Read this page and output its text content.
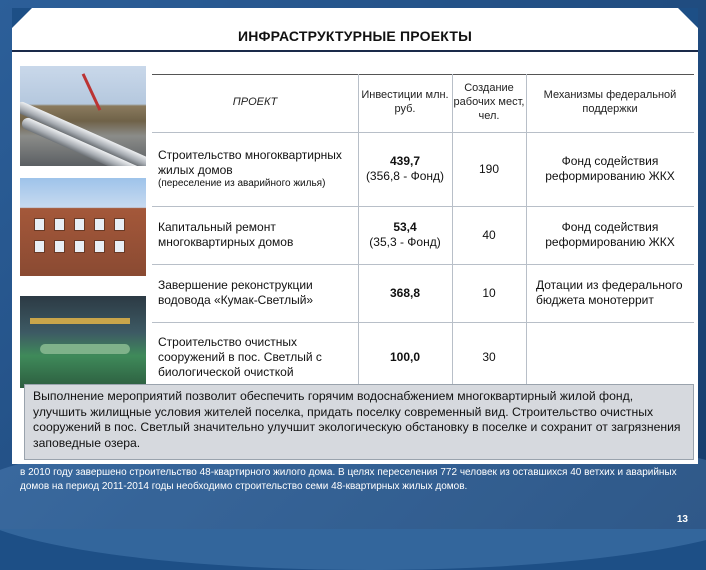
ИНФРАСТРУКТУРНЫЕ ПРОЕКТЫ
ПРОЕКТ
Инвестиции млн. руб.
Создание рабочих мест, чел.
Механизмы федеральной поддержки
Строительство многоквартирных жилых домов
(переселение из аварийного жилья)
439,7
(356,8 - Фонд)
190
Фонд содействия реформированию ЖКХ
Капитальный ремонт многоквартирных домов
53,4
(35,3 - Фонд)
40
Фонд содействия реформированию ЖКХ
Завершение реконструкции водовода «Кумак-Светлый»
368,8	10
Дотации из федерального бюджета монотеррит
Строительство очистных сооружений в пос. Светлый с биологической очисткой
100,0	30

Выполнение мероприятий позволит обеспечить горячим водоснабжением многоквартирный жилой фонд, улучшить жилищные условия жителей поселка, придать поселку современный вид. Строительство очистных сооружений в пос. Светлый значительно улучшит экологическую обстановку в поселке и сохранит от загрязнения заповедные озера.

в 2010 году завершено строительство 48-квартирного жилого дома. В целях переселения 772 человек из оставшихся 40 ветхих и аварийных домов на период 2011-2014 годы необходимо строительство семи 48-квартирных жилых домов.
13
